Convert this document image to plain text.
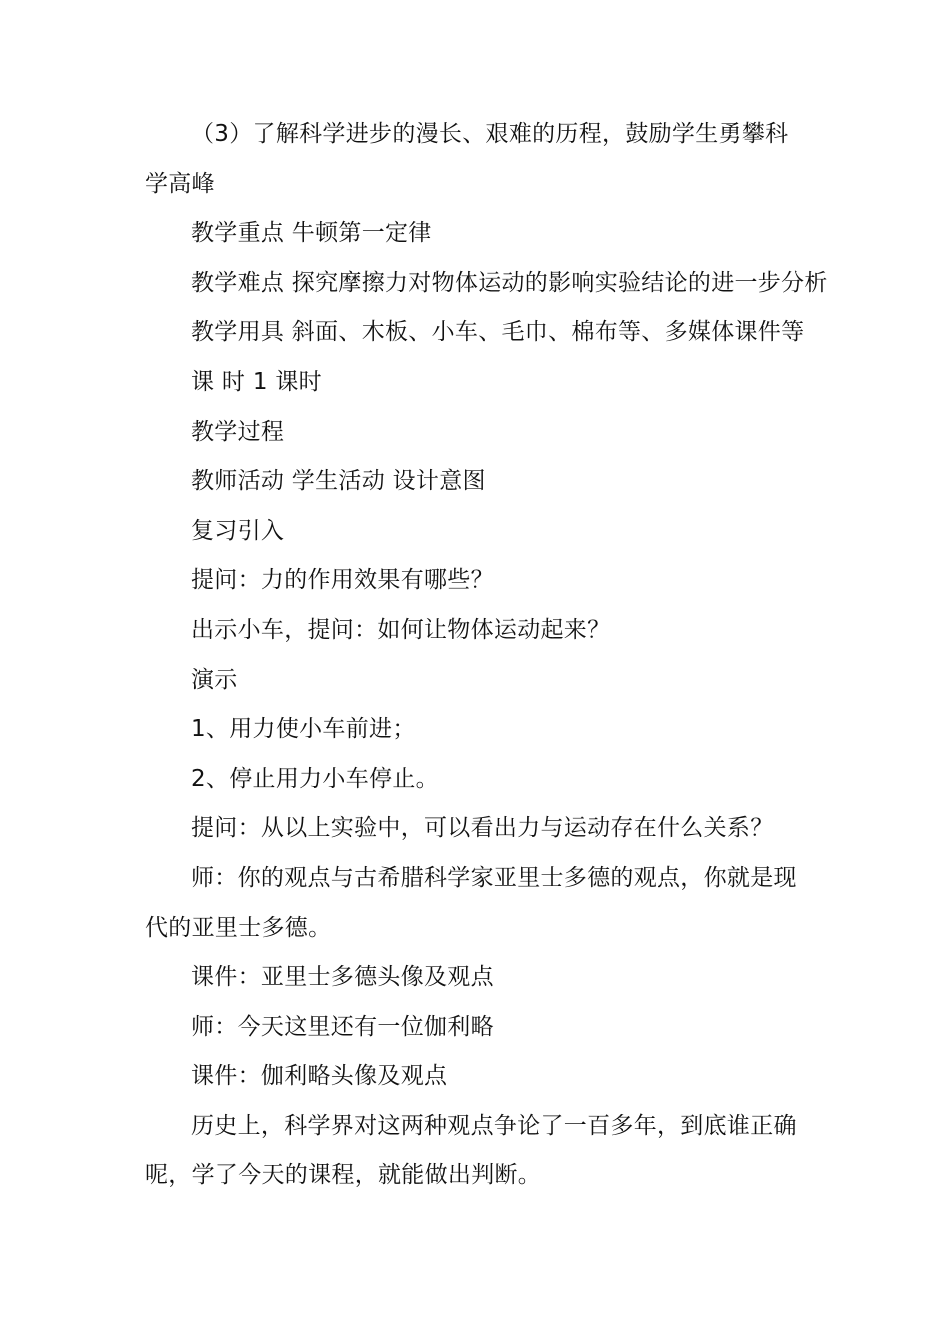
（3）了解科学进步的漫长、艰难的历程，鼓励学生勇攀科学高峰

教学重点 牛顿第一定律

教学难点 探究摩擦力对物体运动的影响实验结论的进一步分析

教学用具 斜面、木板、小车、毛巾、棉布等、多媒体课件等

课 时 1 课时

教学过程

教师活动 学生活动 设计意图

复习引入

提问：力的作用效果有哪些？

出示小车，提问：如何让物体运动起来？

演示

1、用力使小车前进；

2、停止用力小车停止。

提问：从以上实验中，可以看出力与运动存在什么关系？

师：你的观点与古希腊科学家亚里士多德的观点，你就是现代的亚里士多德。

课件：亚里士多德头像及观点

师：今天这里还有一位伽利略

课件：伽利略头像及观点

历史上，科学界对这两种观点争论了一百多年，到底谁正确呢，学了今天的课程，就能做出判断。
